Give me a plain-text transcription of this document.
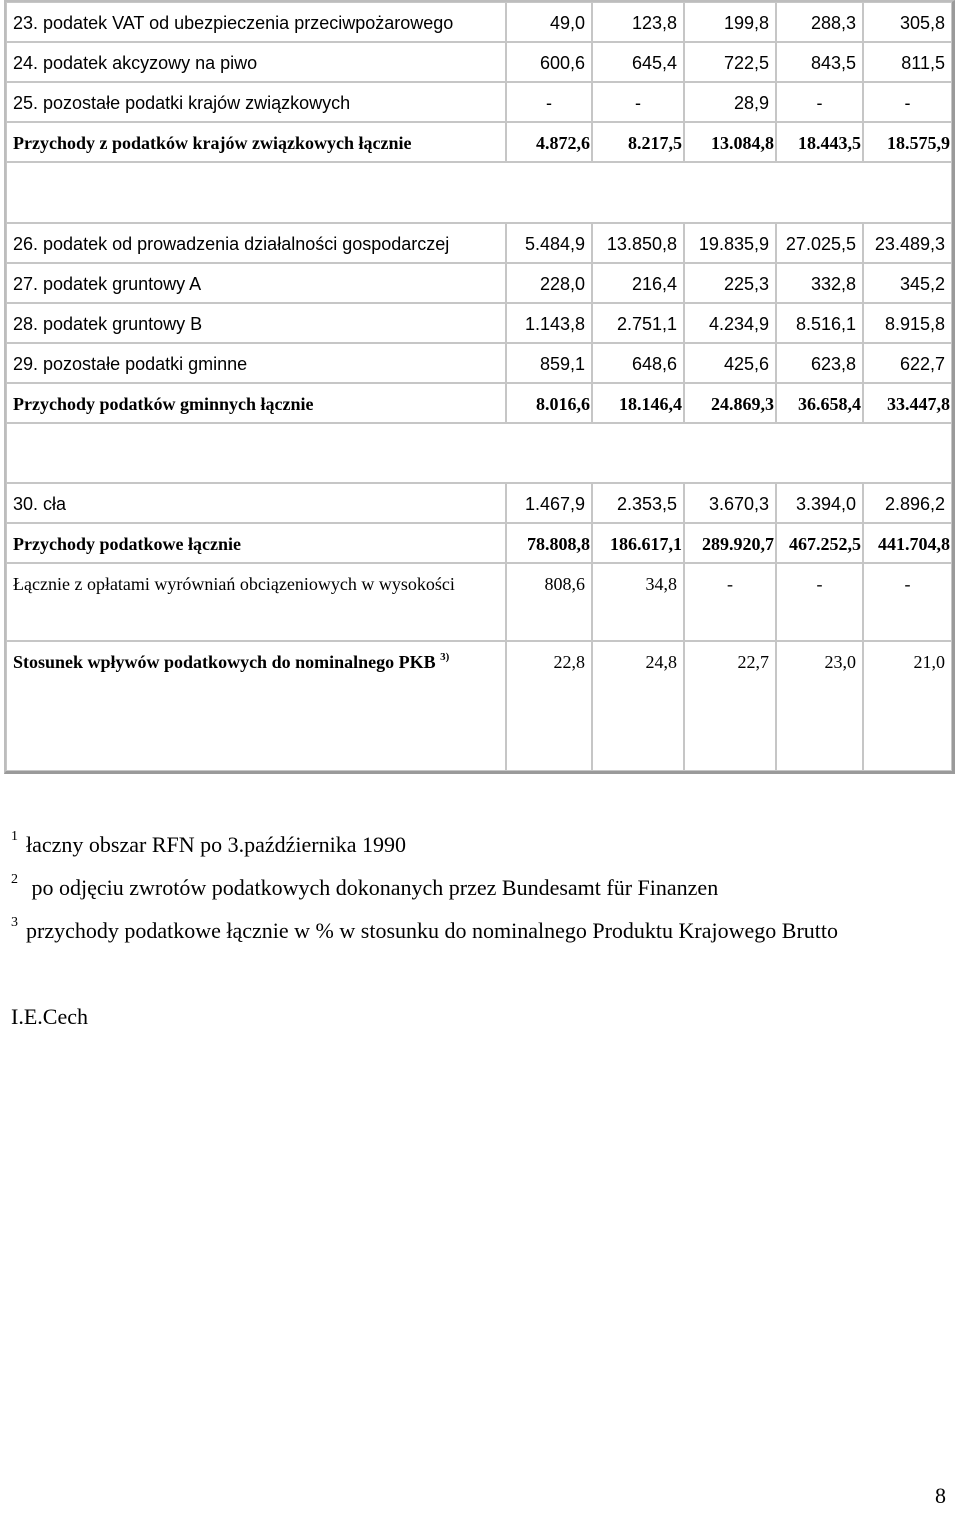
23. podatek VAT od ubezpieczenia przeciwpożarowego	49,0	123,8	199,8	288,3	305,8
24. podatek akcyzowy na piwo	600,6	645,4	722,5	843,5	811,5
25. pozostałe podatki krajów związkowych	-	-	28,9	-	-
Przychody z podatków krajów związkowych łącznie	4.872,6	8.217,5	13.084,8	18.443,5	18.575,9

26. podatek od prowadzenia działalności gospodarczej	5.484,9	13.850,8	19.835,9	27.025,5	23.489,3
27. podatek gruntowy A	228,0	216,4	225,3	332,8	345,2
28. podatek gruntowy B	1.143,8	2.751,1	4.234,9	8.516,1	8.915,8
29. pozostałe podatki gminne	859,1	648,6	425,6	623,8	622,7
Przychody podatków gminnych łącznie	8.016,6	18.146,4	24.869,3	36.658,4	33.447,8

30. cła	1.467,9	2.353,5	3.670,3	3.394,0	2.896,2
Przychody podatkowe łącznie	78.808,8	186.617,1	289.920,7	467.252,5	441.704,8
Łącznie z opłatami wyrówniań obciązeniowych w wysokości	808,6	34,8	-	-	-
Stosunek wpływów podatkowych do nominalnego PKB $^{3)}$	22,8	24,8	22,7	23,0	21,0
$^1$ łaczny obszar RFN po 3.paźdźiernika 1990
$^2$ po odjęciu zwrotów podatkowych dokonanych przez Bundesamt für Finanzen
$^3$ przychody podatkowe łącznie w % w stosunku do nominalnego Produktu Krajowego Brutto
I.E.Cech
8
